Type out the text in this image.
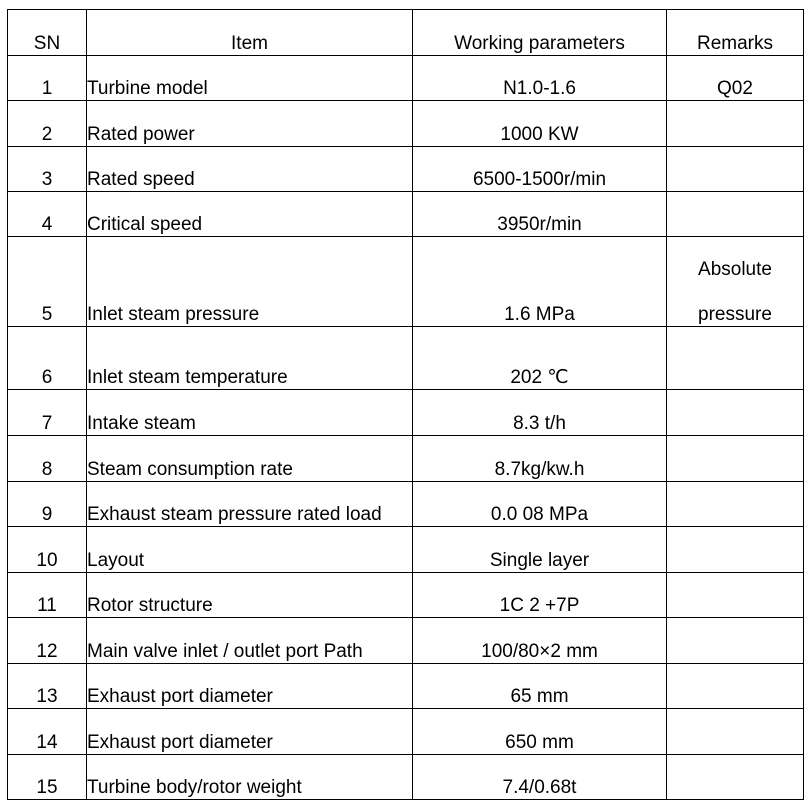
SN	Item	Working parameters	Remarks
1	Turbine model	N1.0-1.6	Q02
2	Rated power	1000 KW	
3	Rated speed	6500-1500r/min	
4	Critical speed	3950r/min	
5	Inlet steam pressure	1.6 MPa	Absolute
pressure
6	Inlet steam temperature	202 ℃	
7	Intake steam	8.3 t/h	
8	Steam consumption rate	8.7kg/kw.h	
9	Exhaust steam pressure rated load	0.0 08 MPa	
10	Layout	Single layer	
11	Rotor structure	1C 2 +7P	
12	Main valve inlet / outlet port Path	100/80×2 mm	
13	Exhaust port diameter	65 mm	
14	Exhaust port diameter	650 mm	
15	Turbine body/rotor weight	7.4/0.68t	
